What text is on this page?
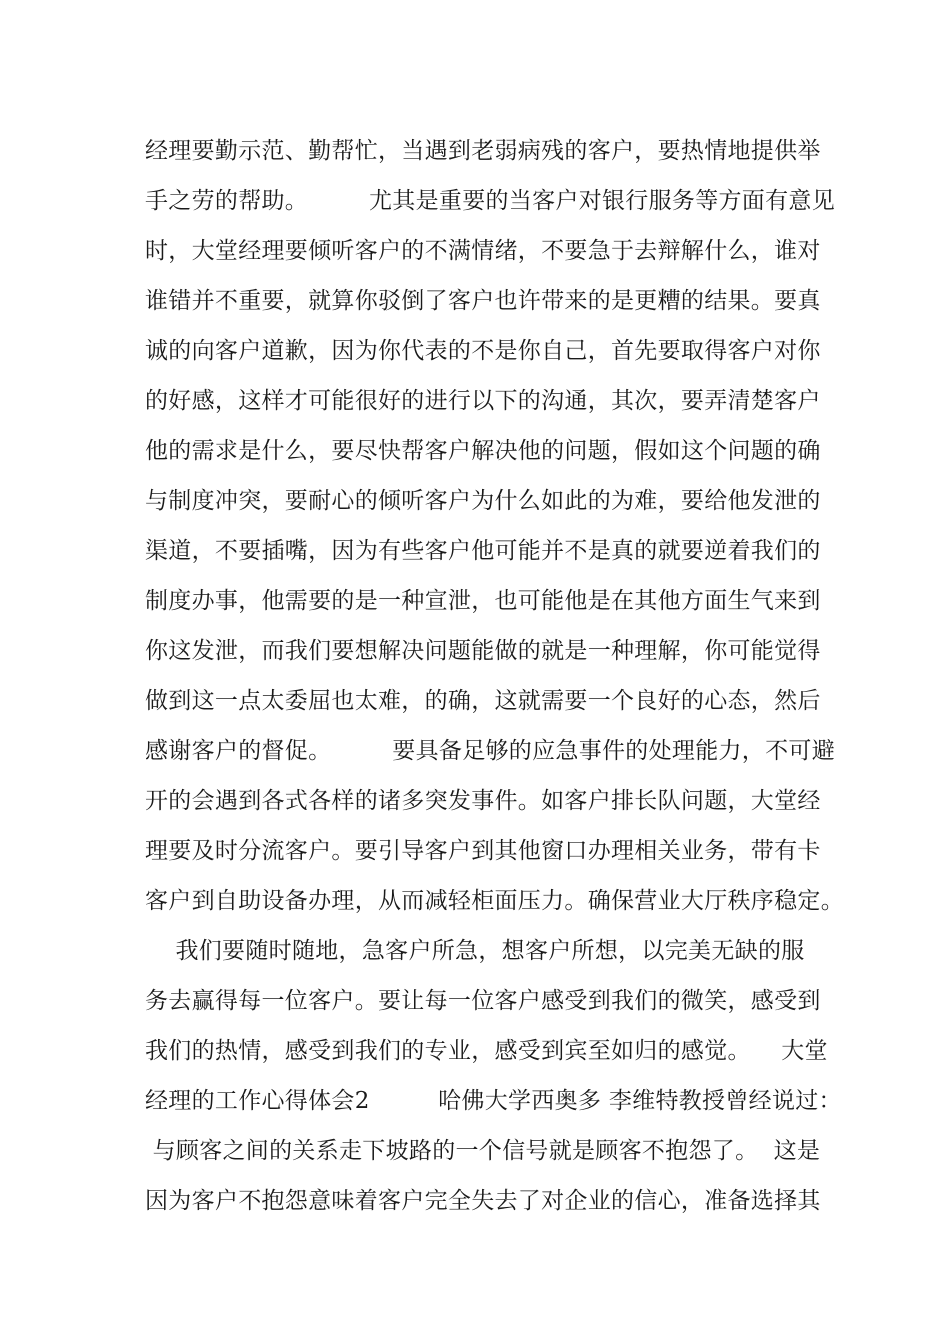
经理要勤示范、勤帮忙，当遇到老弱病残的客户，要热情地提供举
手之劳的帮助。        尤其是重要的当客户对银行服务等方面有意见
时，大堂经理要倾听客户的不满情绪，不要急于去辩解什么，谁对
谁错并不重要，就算你驳倒了客户也许带来的是更糟的结果。要真
诚的向客户道歉，因为你代表的不是你自己，首先要取得客户对你
的好感，这样才可能很好的进行以下的沟通，其次，要弄清楚客户
他的需求是什么，要尽快帮客户解决他的问题，假如这个问题的确
与制度冲突，要耐心的倾听客户为什么如此的为难，要给他发泄的
渠道，不要插嘴，因为有些客户他可能并不是真的就要逆着我们的
制度办事，他需要的是一种宣泄，也可能他是在其他方面生气来到
你这发泄，而我们要想解决问题能做的就是一种理解，你可能觉得
做到这一点太委屈也太难，的确，这就需要一个良好的心态，然后
感谢客户的督促。        要具备足够的应急事件的处理能力，不可避
开的会遇到各式各样的诸多突发事件。如客户排长队问题，大堂经
理要及时分流客户。要引导客户到其他窗口办理相关业务，带有卡
客户到自助设备办理，从而减轻柜面压力。确保营业大厅秩序稳定。
我们要随时随地，急客户所急，想客户所想，以完美无缺的服
务去赢得每一位客户。要让每一位客户感受到我们的微笑，感受到
我们的热情，感受到我们的专业，感受到宾至如归的感觉。    大堂
经理的工作心得体会2         哈佛大学西奥多 李维特教授曾经说过：
与顾客之间的关系走下坡路的一个信号就是顾客不抱怨了。  这是
因为客户不抱怨意味着客户完全失去了对企业的信心，准备选择其
